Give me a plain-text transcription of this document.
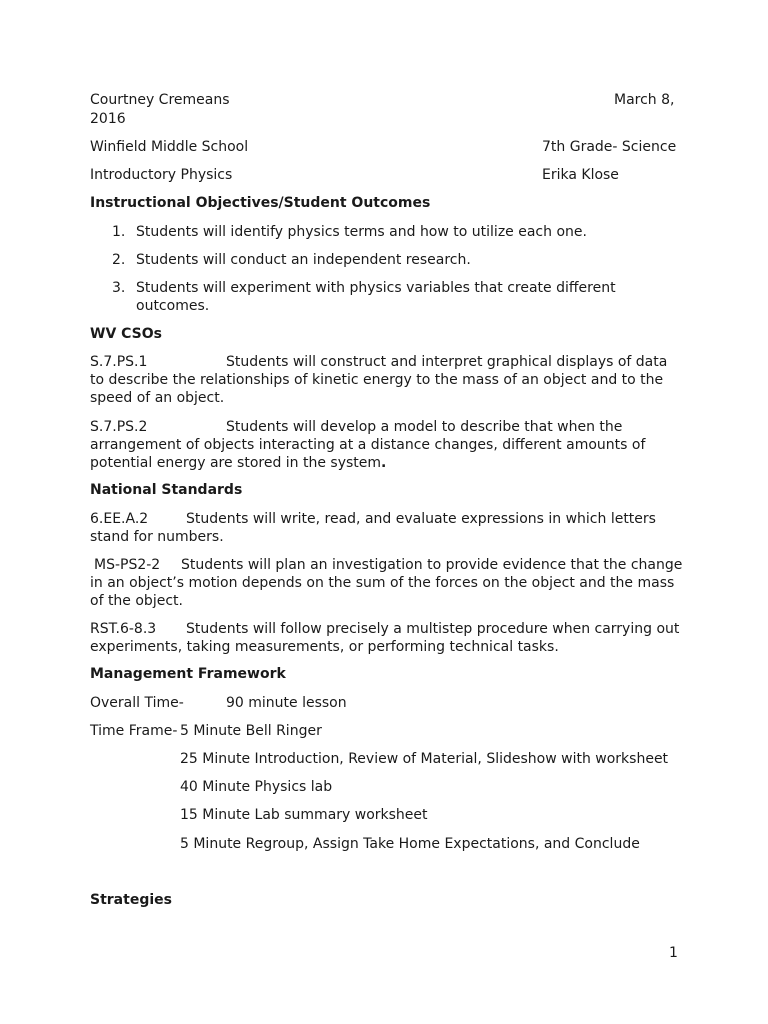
Courtney Cremeans	March 8,
2016
Winfield Middle School	7th Grade- Science
Introductory Physics	Erika Klose
Instructional Objectives/Student Outcomes
1. Students will identify physics terms and how to utilize each one.
2. Students will conduct an independent research.
3. Students will experiment with physics variables that create different
outcomes.
WV CSOs
S.7.PS.1	Students will construct and interpret graphical displays of data
to describe the relationships of kinetic energy to the mass of an object and to the
speed of an object.
S.7.PS.2	Students will develop a model to describe that when the
arrangement of objects interacting at a distance changes, different amounts of
potential energy are stored in the system.
National Standards
6.EE.A.2	Students will write, read, and evaluate expressions in which letters
stand for numbers.
MS-PS2-2 Students will plan an investigation to provide evidence that the change
in an object’s motion depends on the sum of the forces on the object and the mass
of the object.
RST.6-8.3 Students will follow precisely a multistep procedure when carrying out
experiments, taking measurements, or performing technical tasks.
Management Framework
Overall Time-	90 minute lesson
Time Frame- 5 Minute Bell Ringer
25 Minute Introduction, Review of Material, Slideshow with worksheet
40 Minute Physics lab
15 Minute Lab summary worksheet
5 Minute Regroup, Assign Take Home Expectations, and Conclude
Strategies
1
